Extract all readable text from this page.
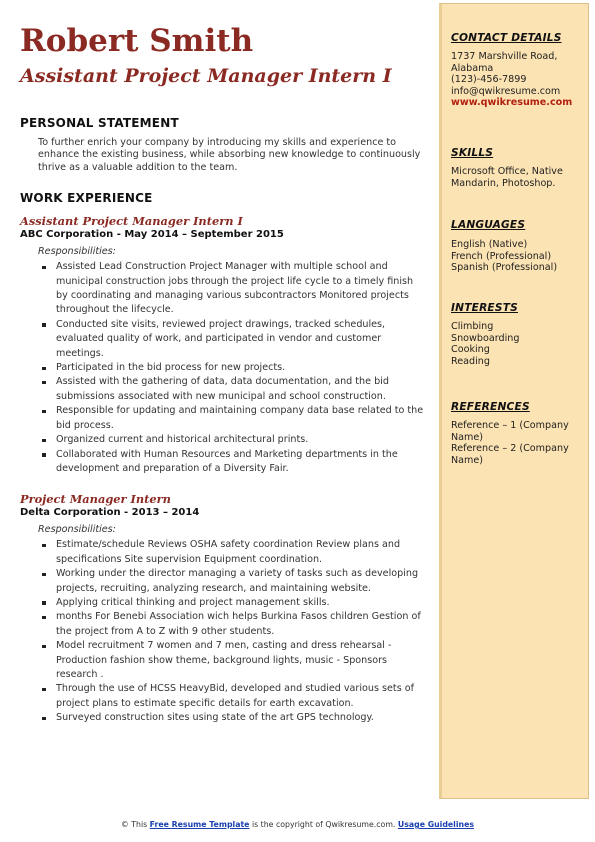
Robert Smith
Assistant Project Manager Intern I
PERSONAL STATEMENT
To further enrich your company by introducing my skills and experience to enhance the existing business, while absorbing new knowledge to continuously thrive as a valuable addition to the team.
WORK EXPERIENCE
Assistant Project Manager Intern I
ABC Corporation - May 2014 – September 2015
Responsibilities:
Assisted Lead Construction Project Manager with multiple school and municipal construction jobs through the project life cycle to a timely finish by coordinating and managing various subcontractors Monitored projects throughout the lifecycle.
Conducted site visits, reviewed project drawings, tracked schedules, evaluated quality of work, and participated in vendor and customer meetings.
Participated in the bid process for new projects.
Assisted with the gathering of data, data documentation, and the bid submissions associated with new municipal and school construction.
Responsible for updating and maintaining company data base related to the bid process.
Organized current and historical architectural prints.
Collaborated with Human Resources and Marketing departments in the development and preparation of a Diversity Fair.
Project Manager Intern
Delta Corporation - 2013 – 2014
Responsibilities:
Estimate/schedule Reviews OSHA safety coordination Review plans and specifications Site supervision Equipment coordination.
Working under the director managing a variety of tasks such as developing projects, recruiting, analyzing research, and maintaining website.
Applying critical thinking and project management skills.
months For Benebi Association wich helps Burkina Fasos children Gestion of the project from A to Z with 9 other students.
Model recruitment 7 women and 7 men, casting and dress rehearsal - Production fashion show theme, background lights, music - Sponsors research .
Through the use of HCSS HeavyBid, developed and studied various sets of project plans to estimate specific details for earth excavation.
Surveyed construction sites using state of the art GPS technology.
CONTACT DETAILS
1737 Marshville Road,
Alabama
(123)-456-7899
info@qwikresume.com
www.qwikresume.com
SKILLS
Microsoft Office, Native
Mandarin, Photoshop.
LANGUAGES
English (Native)
French (Professional)
Spanish (Professional)
INTERESTS
Climbing
Snowboarding
Cooking
Reading
REFERENCES
Reference – 1 (Company
Name)
Reference – 2 (Company
Name)
© This Free Resume Template is the copyright of Qwikresume.com. Usage Guidelines
